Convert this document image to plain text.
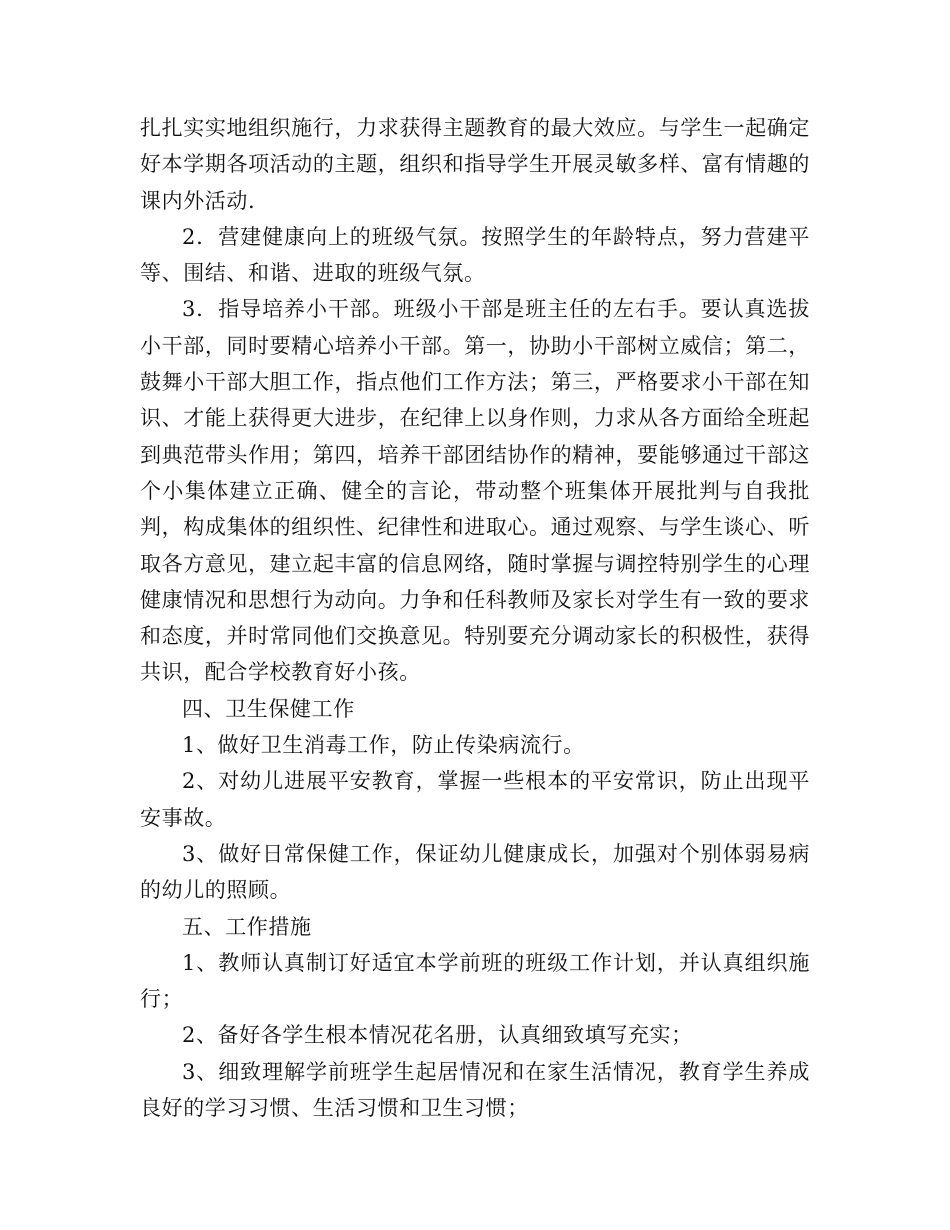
扎扎实实地组织施行，力求获得主题教育的最大效应。与学生一起确定好本学期各项活动的主题，组织和指导学生开展灵敏多样、富有情趣的课内外活动.

2．营建健康向上的班级气氛。按照学生的年龄特点，努力营建平等、围结、和谐、进取的班级气氛。

3．指导培养小干部。班级小干部是班主任的左右手。要认真选拔小干部，同时要精心培养小干部。第一，协助小干部树立威信；第二，鼓舞小干部大胆工作，指点他们工作方法；第三，严格要求小干部在知识、才能上获得更大进步，在纪律上以身作则，力求从各方面给全班起到典范带头作用；第四，培养干部团结协作的精神，要能够通过干部这个小集体建立正确、健全的言论，带动整个班集体开展批判与自我批判，构成集体的组织性、纪律性和进取心。通过观察、与学生谈心、听取各方意见，建立起丰富的信息网络，随时掌握与调控特别学生的心理健康情况和思想行为动向。力争和任科教师及家长对学生有一致的要求和态度，并时常同他们交换意见。特别要充分调动家长的积极性，获得共识，配合学校教育好小孩。

四、卫生保健工作

1、做好卫生消毒工作，防止传染病流行。

2、对幼儿进展平安教育，掌握一些根本的平安常识，防止出现平安事故。

3、做好日常保健工作，保证幼儿健康成长，加强对个别体弱易病的幼儿的照顾。

五、工作措施

1、教师认真制订好适宜本学前班的班级工作计划，并认真组织施行；

2、备好各学生根本情况花名册，认真细致填写充实；

3、细致理解学前班学生起居情况和在家生活情况，教育学生养成良好的学习习惯、生活习惯和卫生习惯；
